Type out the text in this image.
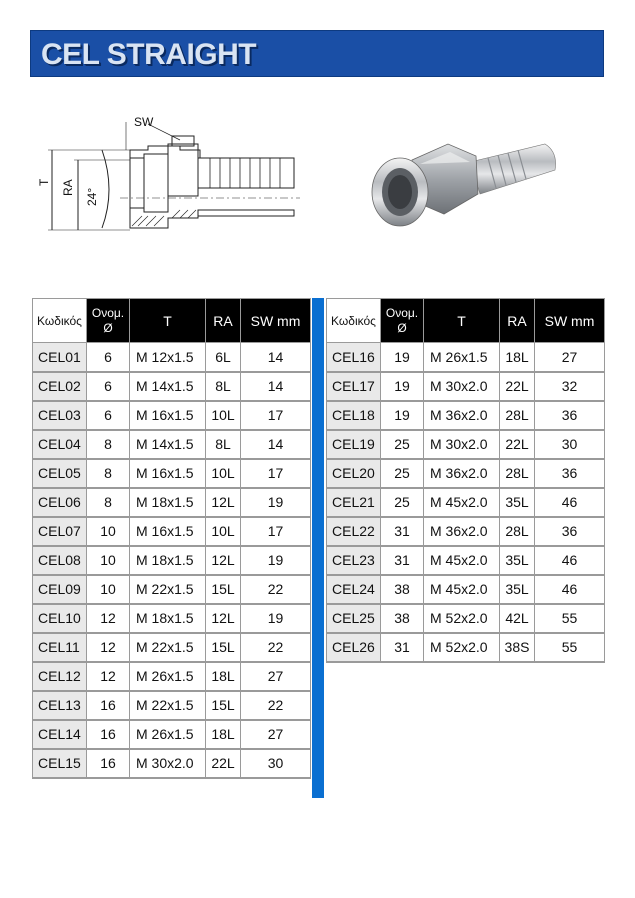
CEL STRAIGHT
SW
T RA
24°
Κωδικός	Ονομ.
Ø	T	RA	SW mm
CEL01	6	M 12x1.5	6L	14
CEL02	6	M 14x1.5	8L	14
CEL03	6	M 16x1.5	10L	17
CEL04	8	M 14x1.5	8L	14
CEL05	8	M 16x1.5	10L	17
CEL06	8	M 18x1.5	12L	19
CEL07	10	M 16x1.5	10L	17
CEL08	10	M 18x1.5	12L	19
CEL09	10	M 22x1.5	15L	22
CEL10	12	M 18x1.5	12L	19
CEL11	12	M 22x1.5	15L	22
CEL12	12	M 26x1.5	18L	27
CEL13	16	M 22x1.5	15L	22
CEL14	16	M 26x1.5	18L	27
CEL15	16	M 30x2.0	22L	30
Κωδικός	Ονομ.
Ø	T	RA	SW mm
CEL16	19	M 26x1.5	18L	27
CEL17	19	M 30x2.0	22L	32
CEL18	19	M 36x2.0	28L	36
CEL19	25	M 30x2.0	22L	30
CEL20	25	M 36x2.0	28L	36
CEL21	25	M 45x2.0	35L	46
CEL22	31	M 36x2.0	28L	36
CEL23	31	M 45x2.0	35L	46
CEL24	38	M 45x2.0	35L	46
CEL25	38	M 52x2.0	42L	55
CEL26	31	M 52x2.0	38S	55
